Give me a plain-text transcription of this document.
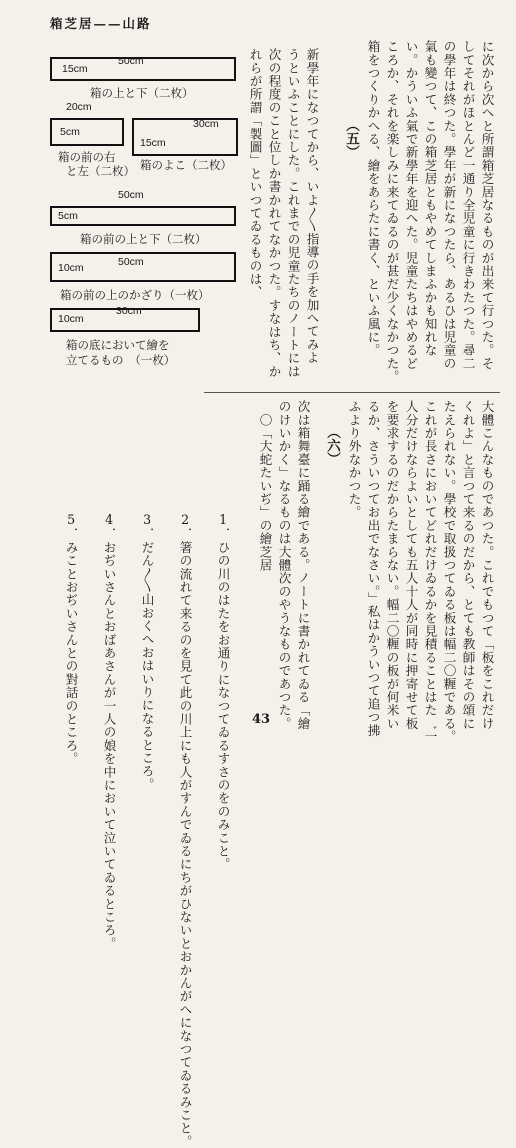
箱芝居——山路
に次から次へと所謂箱芝居なるものが出来て行つた。そ
してそれがほとんど一通り全児童に行きわたつた。尋二
の學年は終つた。學年が新になつたら、あるひは児童の
氣も變つて、この箱芝居ともやめてしまふかも知れな
い。かういふ氣で新學年を迎へた。児童たちはやめるど
ころか、それを楽しみに来てゐるのが甚だ少くなかつた。
箱をつくりかへる、繪をあらたに書く、といふ風に。
（五）
新學年になつてから、いよ〳〵指導の手を加へてみよ
うといふことにした。これまでの児童たちのノートには
次の程度のこと位しか書かれてなかつた。すなはち、か
れらが所謂「製圖」といつてゐるものは、
大體こんなものであつた。これでもつて「板をこれだけ
くれよ」と言つて来るのだから、とても教師はその頌に
たえられない。學校で取扱つてゐる板は幅二〇糎である。
これが長さにおいてどれだけゐるかを見積ることはた゛一
人分だけならよいとしても五人十人が同時に押寄せて板
を要求するのだからたまらない。幅二〇糎の板が何米い
るか、さういつてお出でなさい。」私はかういつて追つ拂
ふより外なかつた。
（六）
次は箱舞臺に踊る繪である。ノートに書かれてゐる「繪
のけいかく」なるものは大體次のやうなものであつた。
　〇「大蛇たいぢ」の繪芝居
1．ひの川のはたをお通りになつてゐるすさのをのみこと。
2．箸の流れて来るのを見て此の川上にも人がすんでゐるにちがひないとおかんがへになつてゐるみこと。
3．だん〳〵山おくへおはいりになるところ。
4．おぢいさんとおばあさんが一人の娘を中において泣いてゐるところ。
5．みことおぢいさんとの對話のところ。
50cm
15cm
箱の上と下（二枚）
20cm
5cm
箱の前の右
と左（二枚）
30cm
15cm
箱のよこ（二枚）
50cm
5cm
箱の前の上と下（二枚）
50cm
10cm
箱の前の上のかざり（一枚）
30cm
10cm
箱の底において繪を
立てるもの　（一枚）
43
